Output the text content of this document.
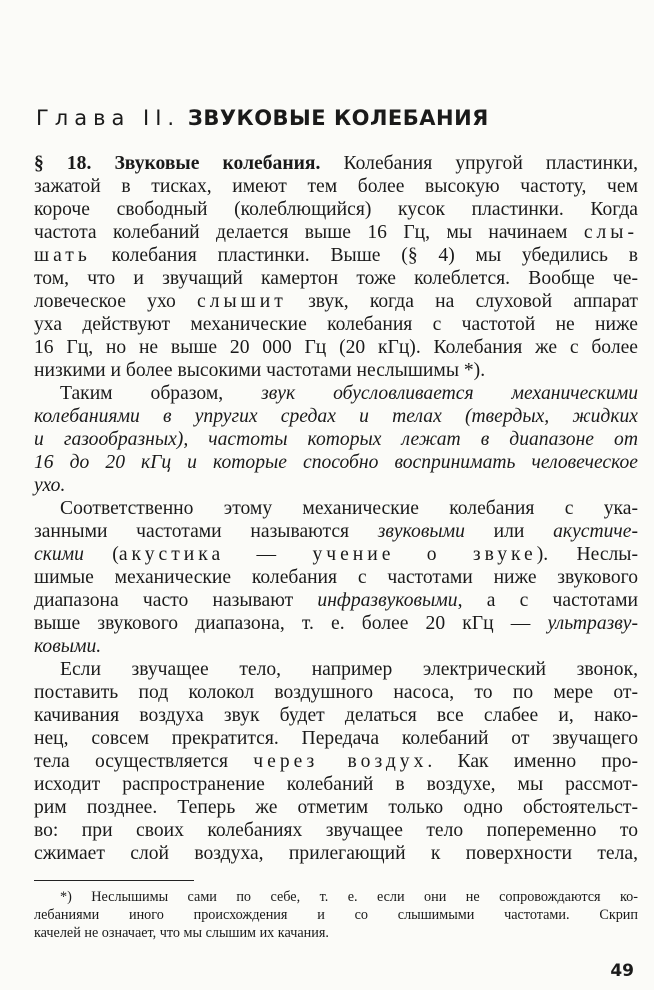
Глава II. ЗВУКОВЫЕ КОЛЕБАНИЯ
§ 18. Звуковые колебания. Колебания упругой пластинки,
зажатой в тисках, имеют тем более высокую частоту, чем
короче свободный (колеблющийся) кусок пластинки. Когда
частота колебаний делается выше 16 Гц, мы начинаем слы-
шать колебания пластинки. Выше (§ 4) мы убедились в
том, что и звучащий камертон тоже колеблется. Вообще че-
ловеческое ухо слышит звук, когда на слуховой аппарат
уха действуют механические колебания с частотой не ниже
16 Гц, но не выше 20 000 Гц (20 кГц). Колебания же с более
низкими и более высокими частотами неслышимы *).
Таким образом, звук обусловливается механическими
колебаниями в упругих средах и телах (твердых, жидких
и газообразных), частоты которых лежат в диапазоне от
16 до 20 кГц и которые способно воспринимать человеческое
ухо.
Соответственно этому механические колебания с ука-
занными частотами называются звуковыми или акустиче-
скими (акустика — учение о звуке). Неслы-
шимые механические колебания с частотами ниже звукового
диапазона часто называют инфразвуковыми, а с частотами
выше звукового диапазона, т. е. более 20 кГц — ультразву-
ковыми.
Если звучащее тело, например электрический звонок,
поставить под колокол воздушного насоса, то по мере от-
качивания воздуха звук будет делаться все слабее и, нако-
нец, совсем прекратится. Передача колебаний от звучащего
тела осуществляется через воздух. Как именно про-
исходит распространение колебаний в воздухе, мы рассмот-
рим позднее. Теперь же отметим только одно обстоятельст-
во: при своих колебаниях звучащее тело попеременно то
сжимает слой воздуха, прилегающий к поверхности тела,
*) Неслышимы сами по себе, т. е. если они не сопровождаются ко-
лебаниями иного происхождения и со слышимыми частотами. Скрип
качелей не означает, что мы слышим их качания.
49
